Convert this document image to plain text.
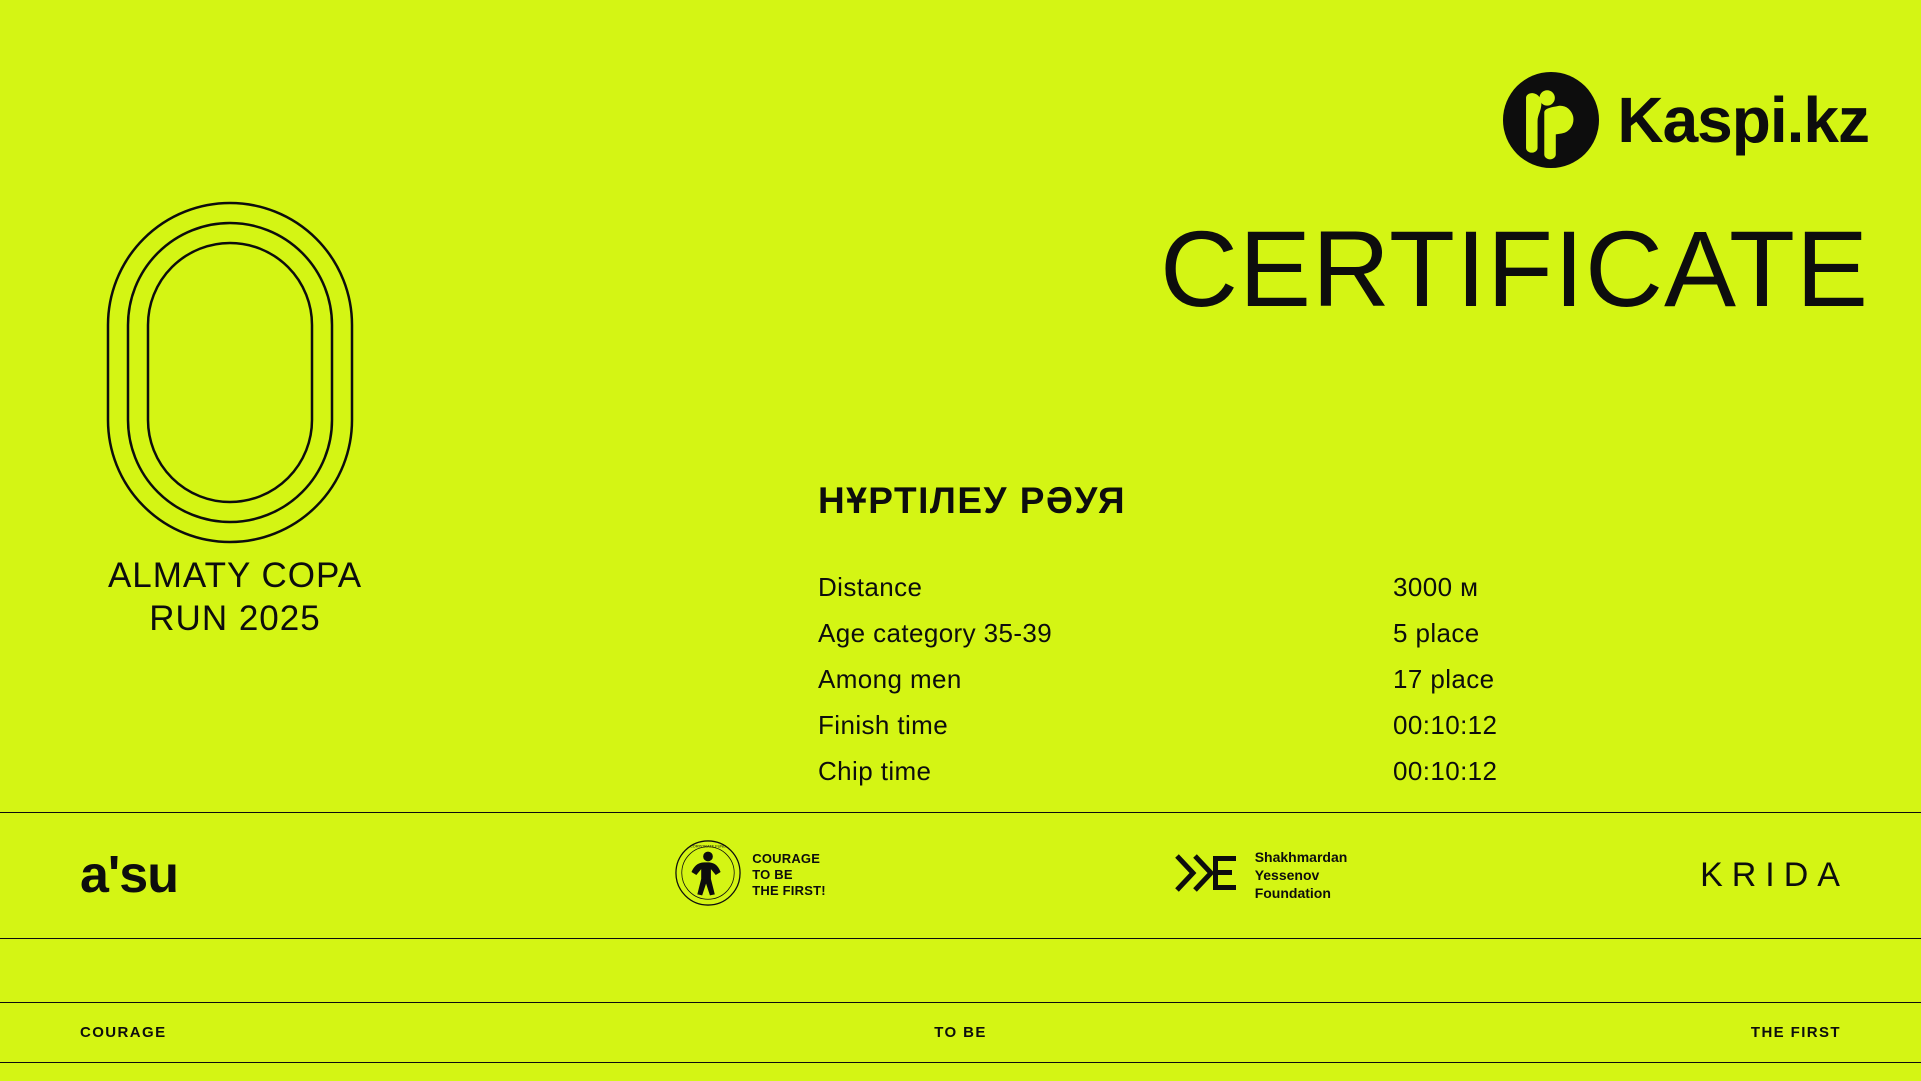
Kaspi.kz
ALMATY COPA
RUN 2025
CERTIFICATE
НҰРТІЛЕУ РӘУЯ
Distance	3000 м
Age category 35-39	5 place
Among men	17 place
Finish time	00:10:12
Chip time	00:10:12
a'su
CORPORATE FUND
COURAGE
TO BE
THE FIRST!
Shakhmardan
Yessenov
Foundation	KRIDA
COURAGE	TO BE	THE FIRST
